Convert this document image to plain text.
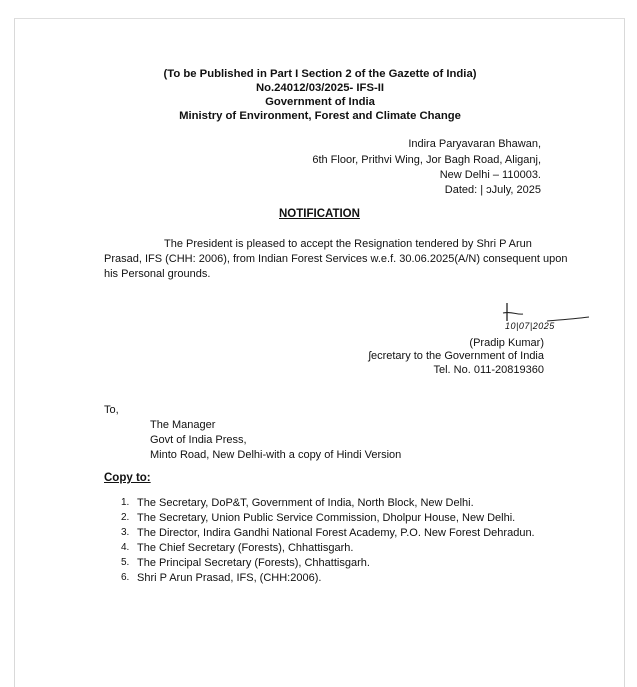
(To be Published in Part I Section 2 of the Gazette of India)
No.24012/03/2025- IFS-II
Government of India
Ministry of Environment, Forest and Climate Change
Indira Paryavaran Bhawan,
6th Floor, Prithvi Wing, Jor Bagh Road, Aliganj,
New Delhi – 110003.
Dated: | ɔJuly, 2025
NOTIFICATION
The President is pleased to accept the Resignation tendered by Shri P Arun Prasad, IFS (CHH: 2006), from Indian Forest Services w.e.f. 30.06.2025(A/N) consequent upon his Personal grounds.
10|07|2025
(Pradip Kumar)
ʃecretary to the Government of India
Tel. No. 011-20819360
To,
The Manager
Govt of India Press,
Minto Road, New Delhi-with a copy of Hindi Version
Copy to:
1. The Secretary, DoP&T, Government of India, North Block, New Delhi.
2. The Secretary, Union Public Service Commission, Dholpur House, New Delhi.
3. The Director, Indira Gandhi National Forest Academy, P.O. New Forest Dehradun.
4. The Chief Secretary (Forests), Chhattisgarh.
5. The Principal Secretary (Forests), Chhattisgarh.
6. Shri P Arun Prasad, IFS, (CHH:2006).
